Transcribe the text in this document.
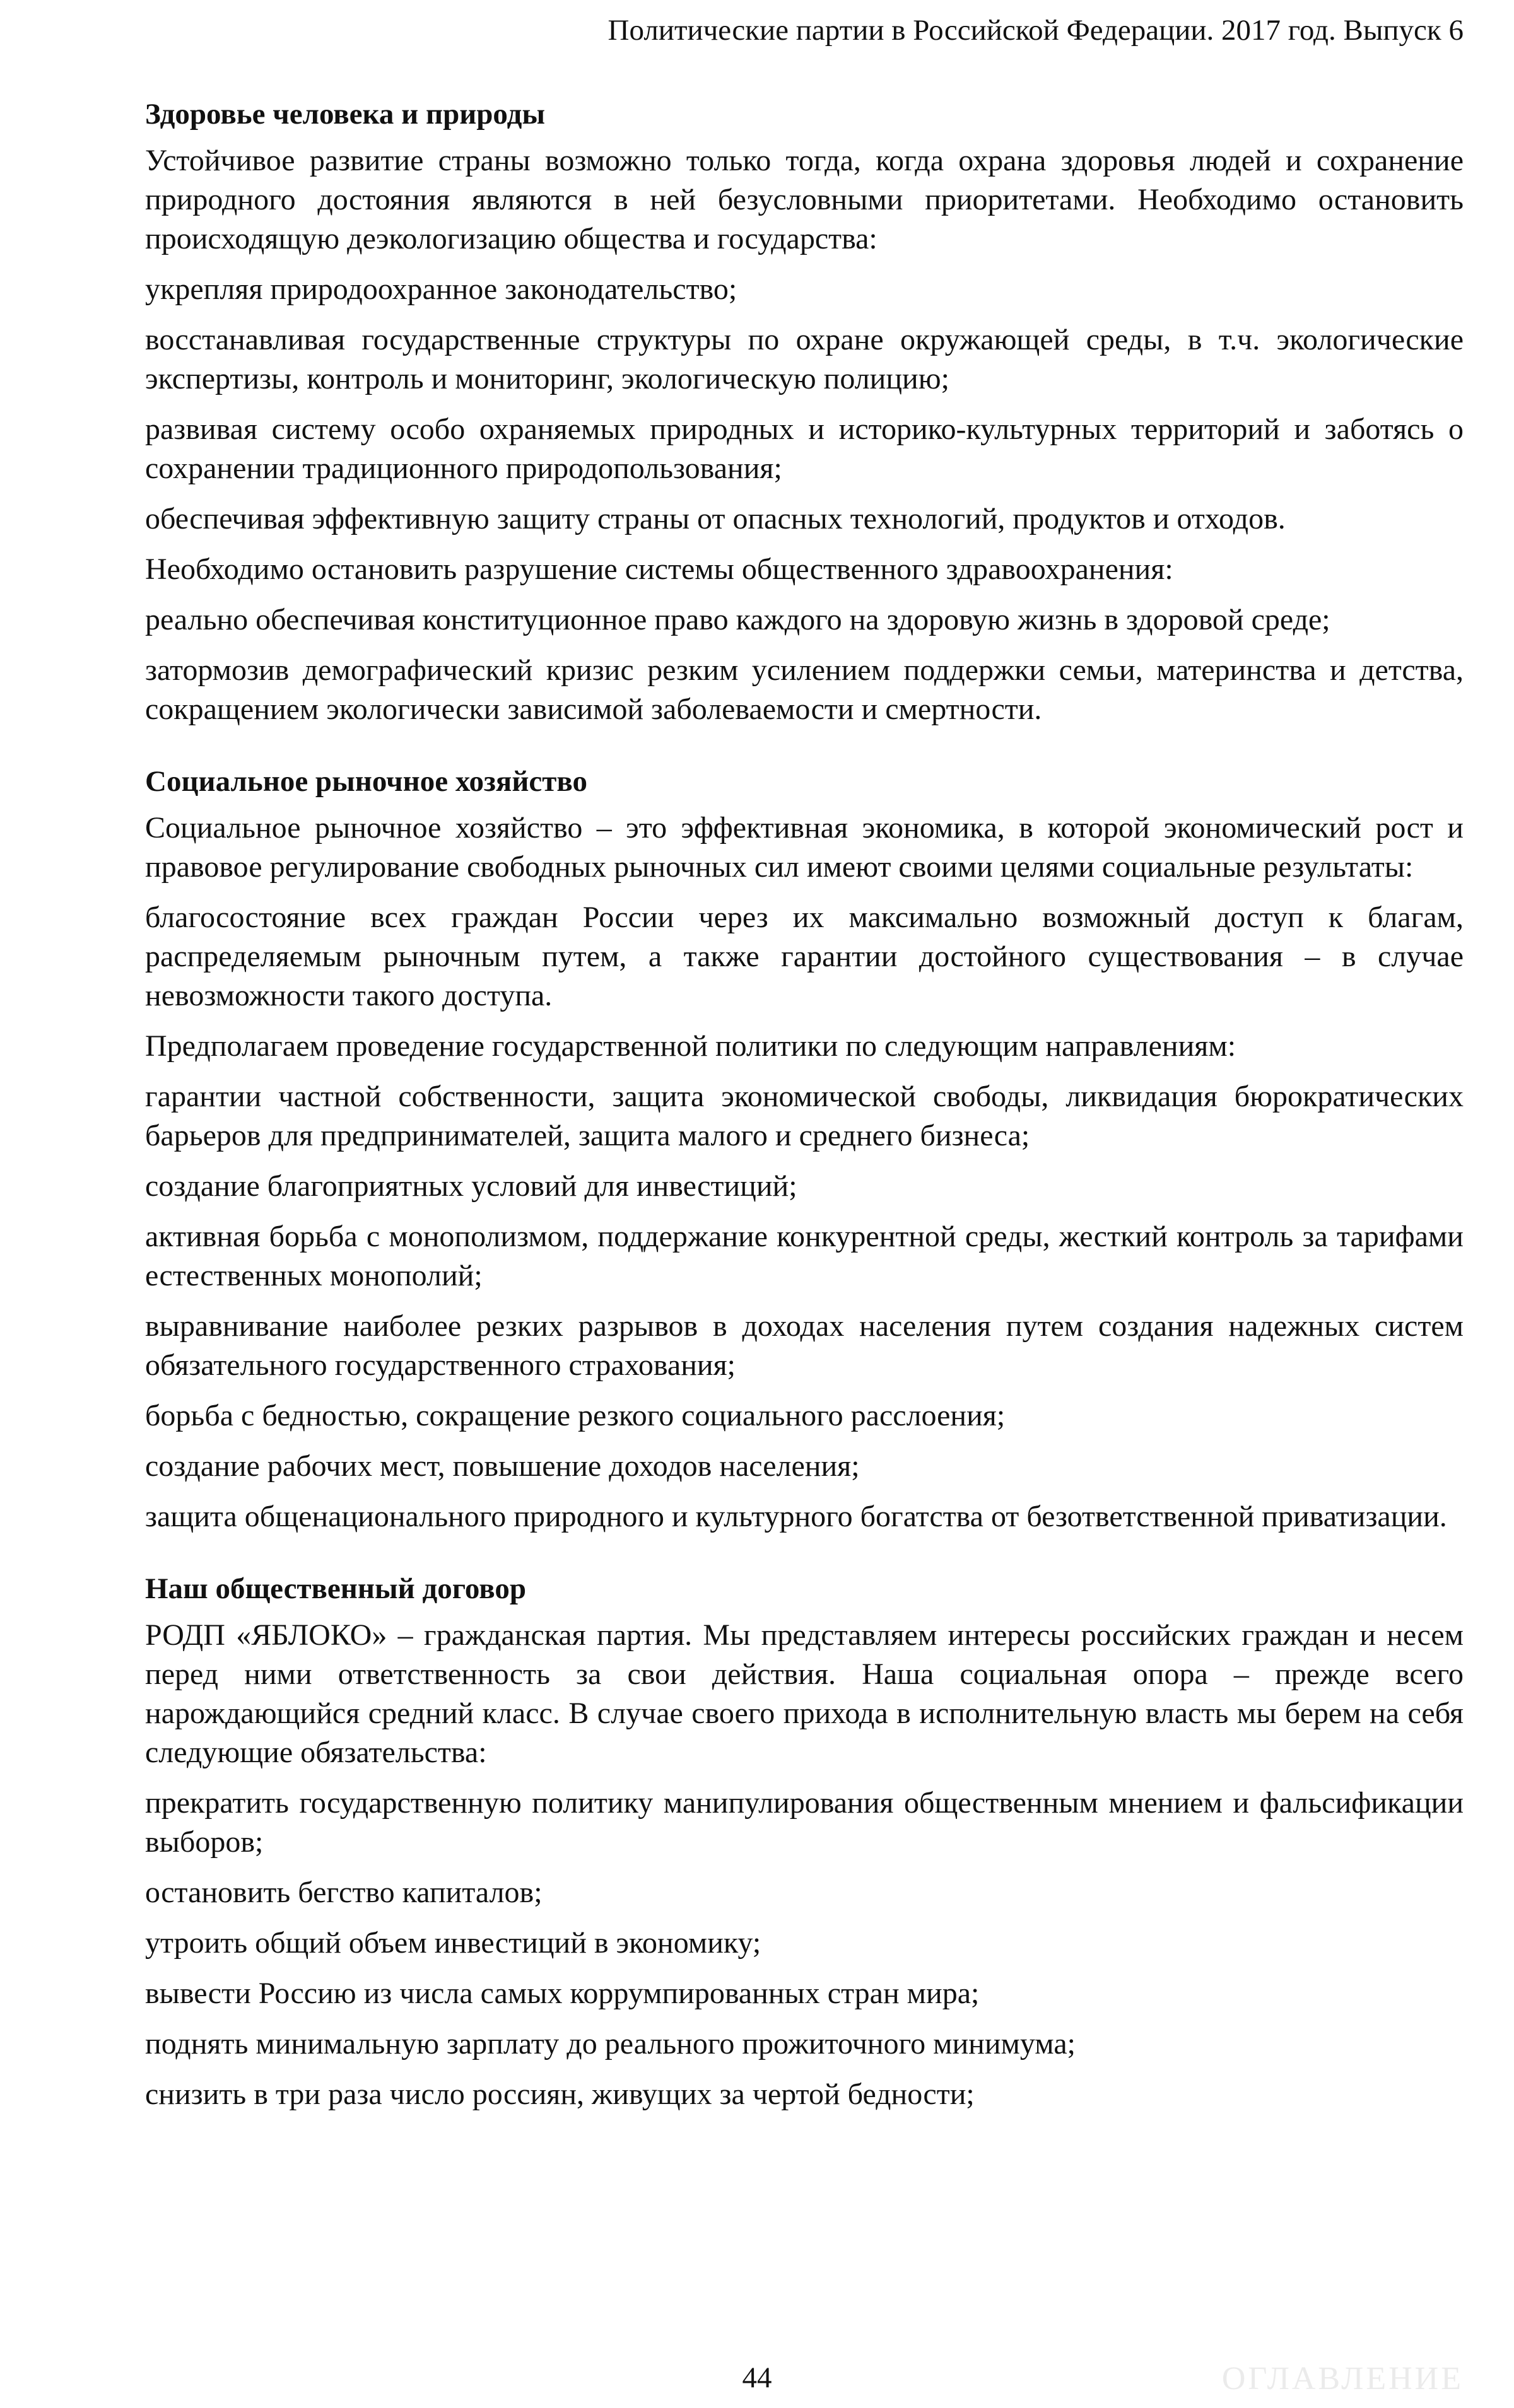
Политические партии в Российской Федерации. 2017 год. Выпуск 6
Здоровье человека и природы

Устойчивое развитие страны возможно только тогда, когда охрана здоровья людей и сохранение природного достояния являются в ней безусловными приоритетами. Необходимо остановить происходящую деэкологизацию общества и государства:

укрепляя природоохранное законодательство;

восстанавливая государственные структуры по охране окружающей среды, в т.ч. экологические экспертизы, контроль и мониторинг, экологическую полицию;

развивая систему особо охраняемых природных и историко-культурных территорий и заботясь о сохранении традиционного природопользования;

обеспечивая эффективную защиту страны от опасных технологий, продуктов и отходов.

Необходимо остановить разрушение системы общественного здравоохранения:

реально обеспечивая конституционное право каждого на здоровую жизнь в здоровой среде;

затормозив демографический кризис резким усилением поддержки семьи, материнства и детства, сокращением экологически зависимой заболеваемости и смертности.

Социальное рыночное хозяйство

Социальное рыночное хозяйство – это эффективная экономика, в которой экономический рост и правовое регулирование свободных рыночных сил имеют своими целями социальные результаты:

благосостояние всех граждан России через их максимально возможный доступ к благам, распределяемым рыночным путем, а также гарантии достойного существования – в случае невозможности такого доступа.

Предполагаем проведение государственной политики по следующим направлениям:

гарантии частной собственности, защита экономической свободы, ликвидация бюрократических барьеров для предпринимателей, защита малого и среднего бизнеса;

создание благоприятных условий для инвестиций;

активная борьба с монополизмом, поддержание конкурентной среды, жесткий контроль за тарифами естественных монополий;

выравнивание наиболее резких разрывов в доходах населения путем создания надежных систем обязательного государственного страхования;

борьба с бедностью, сокращение резкого социального расслоения;

создание рабочих мест, повышение доходов населения;

защита общенационального природного и культурного богатства от безответственной приватизации.

Наш общественный договор

РОДП «ЯБЛОКО» – гражданская партия. Мы представляем интересы российских граждан и несем перед ними ответственность за свои действия. Наша социальная опора – прежде всего нарождающийся средний класс. В случае своего прихода в исполнительную власть мы берем на себя следующие обязательства:

прекратить государственную политику манипулирования общественным мнением и фальсификации выборов;

остановить бегство капиталов;

утроить общий объем инвестиций в экономику;

вывести Россию из числа самых коррумпированных стран мира;

поднять минимальную зарплату до реального прожиточного минимума;

снизить в три раза число россиян, живущих за чертой бедности;

44	ОГЛАВЛЕНИЕ
